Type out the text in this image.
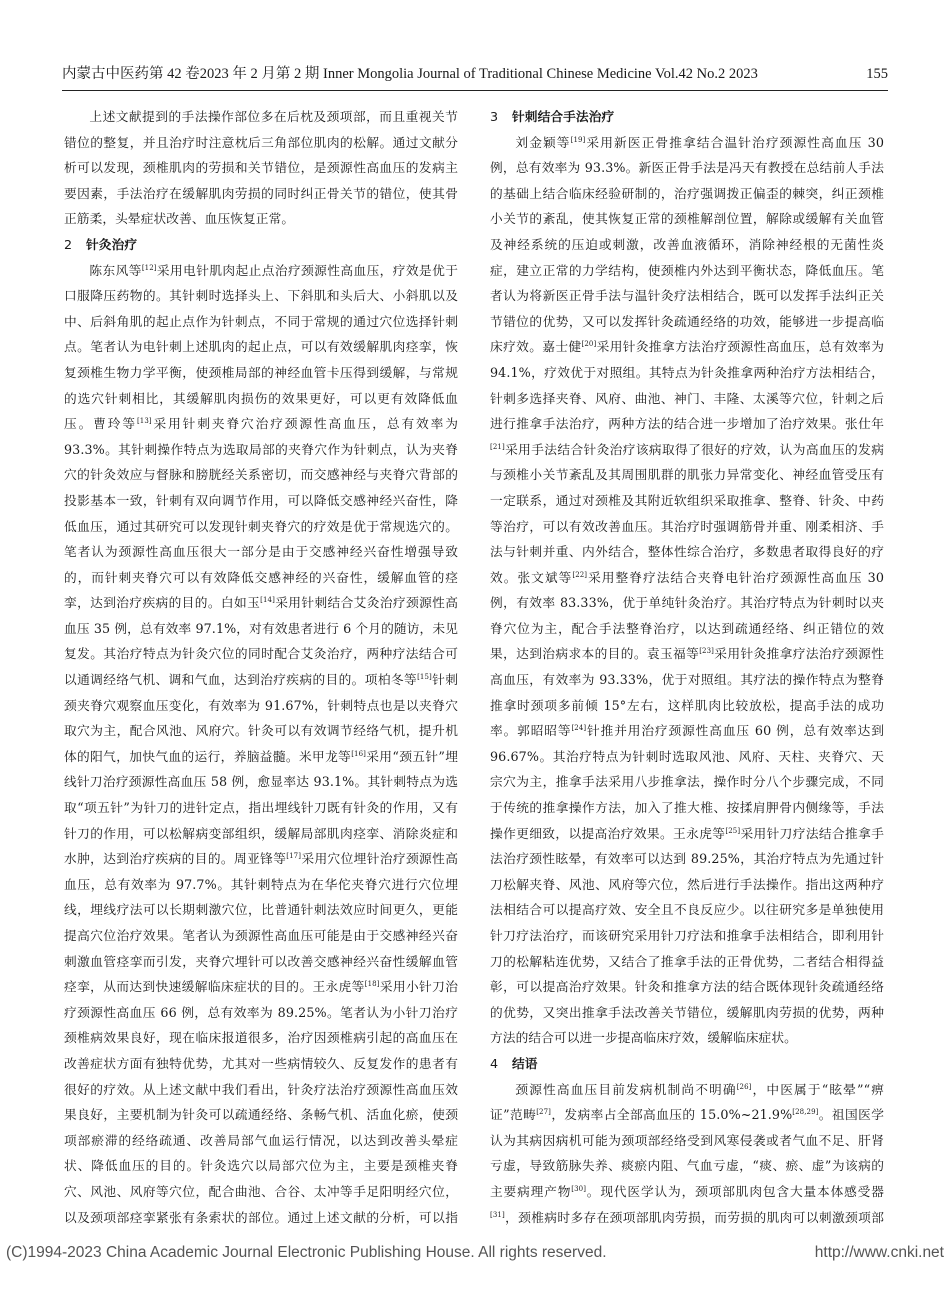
内蒙古中医药第 42 卷2023 年 2 月第 2 期 Inner Mongolia Journal of Traditional Chinese Medicine Vol.42 No.2 2023	155

上述文献提到的手法操作部位多在后枕及颈项部，而且重视关节错位的整复，并且治疗时注意枕后三角部位肌肉的松解。通过文献分析可以发现，颈椎肌肉的劳损和关节错位，是颈源性高血压的发病主要因素，手法治疗在缓解肌肉劳损的同时纠正骨关节的错位，使其骨正筋柔，头晕症状改善、血压恢复正常。

2 针灸治疗

陈东风等[12]采用电针肌肉起止点治疗颈源性高血压，疗效是优于口服降压药物的。其针刺时选择头上、下斜肌和头后大、小斜肌以及中、后斜角肌的起止点作为针刺点，不同于常规的通过穴位选择针刺点。笔者认为电针刺上述肌肉的起止点，可以有效缓解肌肉痉挛，恢复颈椎生物力学平衡，使颈椎局部的神经血管卡压得到缓解，与常规的选穴针刺相比，其缓解肌肉损伤的效果更好，可以更有效降低血压。曹玲等[13]采用针刺夹脊穴治疗颈源性高血压，总有效率为 93.3%。其针刺操作特点为选取局部的夹脊穴作为针刺点，认为夹脊穴的针灸效应与督脉和膀胱经关系密切，而交感神经与夹脊穴背部的投影基本一致，针刺有双向调节作用，可以降低交感神经兴奋性，降低血压，通过其研究可以发现针刺夹脊穴的疗效是优于常规选穴的。笔者认为颈源性高血压很大一部分是由于交感神经兴奋性增强导致的，而针刺夹脊穴可以有效降低交感神经的兴奋性，缓解血管的痉挛，达到治疗疾病的目的。白如玉[14]采用针刺结合艾灸治疗颈源性高血压 35 例，总有效率 97.1%，对有效患者进行 6 个月的随访，未见复发。其治疗特点为针灸穴位的同时配合艾灸治疗，两种疗法结合可以通调经络气机、调和气血，达到治疗疾病的目的。项柏冬等[15]针刺颈夹脊穴观察血压变化，有效率为 91.67%，针刺特点也是以夹脊穴取穴为主，配合风池、风府穴。针灸可以有效调节经络气机，提升机体的阳气，加快气血的运行，养脑益髓。米甲龙等[16]采用“颈五针”埋线针刀治疗颈源性高血压 58 例，愈显率达 93.1%。其针刺特点为选取“项五针”为针刀的进针定点，指出埋线针刀既有针灸的作用，又有针刀的作用，可以松解病变部组织，缓解局部肌肉痉挛、消除炎症和水肿，达到治疗疾病的目的。周亚锋等[17]采用穴位埋针治疗颈源性高血压，总有效率为 97.7%。其针刺特点为在华佗夹脊穴进行穴位埋线，埋线疗法可以长期刺激穴位，比普通针刺法效应时间更久，更能提高穴位治疗效果。笔者认为颈源性高血压可能是由于交感神经兴奋刺激血管痉挛而引发，夹脊穴埋针可以改善交感神经兴奋性缓解血管痉挛，从而达到快速缓解临床症状的目的。王永虎等[18]采用小针刀治疗颈源性高血压 66 例，总有效率为 89.25%。笔者认为小针刀治疗颈椎病效果良好，现在临床报道很多，治疗因颈椎病引起的高血压在改善症状方面有独特优势，尤其对一些病情较久、反复发作的患者有很好的疗效。从上述文献中我们看出，针灸疗法治疗颈源性高血压效果良好，主要机制为针灸可以疏通经络、条畅气机、活血化瘀，使颈项部瘀滞的经络疏通、改善局部气血运行情况，以达到改善头晕症状、降低血压的目的。针灸选穴以局部穴位为主，主要是颈椎夹脊穴、风池、风府等穴位，配合曲池、合谷、太冲等手足阳明经穴位，以及颈项部痉挛紧张有条索状的部位。通过上述文献的分析，可以指

3 针刺结合手法治疗

刘金颖等[19]采用新医正骨推拿结合温针治疗颈源性高血压 30 例，总有效率为 93.3%。新医正骨手法是冯天有教授在总结前人手法的基础上结合临床经验研制的，治疗强调拨正偏歪的棘突，纠正颈椎小关节的紊乱，使其恢复正常的颈椎解剖位置，解除或缓解有关血管及神经系统的压迫或刺激，改善血液循环，消除神经根的无菌性炎症，建立正常的力学结构，使颈椎内外达到平衡状态，降低血压。笔者认为将新医正骨手法与温针灸疗法相结合，既可以发挥手法纠正关节错位的优势，又可以发挥针灸疏通经络的功效，能够进一步提高临床疗效。嘉士健[20]采用针灸推拿方法治疗颈源性高血压，总有效率为 94.1%，疗效优于对照组。其特点为针灸推拿两种治疗方法相结合，针刺多选择夹脊、风府、曲池、神门、丰隆、太溪等穴位，针刺之后进行推拿手法治疗，两种方法的结合进一步增加了治疗效果。张仕年[21]采用手法结合针灸治疗该病取得了很好的疗效，认为高血压的发病与颈椎小关节紊乱及其周围肌群的肌张力异常变化、神经血管受压有一定联系，通过对颈椎及其附近软组织采取推拿、整脊、针灸、中药等治疗，可以有效改善血压。其治疗时强调筋骨并重、刚柔相济、手法与针刺并重、内外结合，整体性综合治疗，多数患者取得良好的疗效。张文斌等[22]采用整脊疗法结合夹脊电针治疗颈源性高血压 30 例，有效率 83.33%，优于单纯针灸治疗。其治疗特点为针刺时以夹脊穴位为主，配合手法整脊治疗，以达到疏通经络、纠正错位的效果，达到治病求本的目的。袁玉福等[23]采用针灸推拿疗法治疗颈源性高血压，有效率为 93.33%，优于对照组。其疗法的操作特点为整脊推拿时颈项多前倾 15°左右，这样肌肉比较放松，提高手法的成功率。郭昭昭等[24]针推并用治疗颈源性高血压 60 例，总有效率达到 96.67%。其治疗特点为针刺时选取风池、风府、天柱、夹脊穴、天宗穴为主，推拿手法采用八步推拿法，操作时分八个步骤完成，不同于传统的推拿操作方法，加入了推大椎、按揉肩胛骨内侧缘等，手法操作更细致，以提高治疗效果。王永虎等[25]采用针刀疗法结合推拿手法治疗颈性眩晕，有效率可以达到 89.25%，其治疗特点为先通过针刀松解夹脊、风池、风府等穴位，然后进行手法操作。指出这两种疗法相结合可以提高疗效、安全且不良反应少。以往研究多是单独使用针刀疗法治疗，而该研究采用针刀疗法和推拿手法相结合，即利用针刀的松解粘连优势，又结合了推拿手法的正骨优势，二者结合相得益彰，可以提高治疗效果。针灸和推拿方法的结合既体现针灸疏通经络的优势，又突出推拿手法改善关节错位，缓解肌肉劳损的优势，两种方法的结合可以进一步提高临床疗效，缓解临床症状。

4 结语

颈源性高血压目前发病机制尚不明确[26]，中医属于“眩晕”“痹证”范畴[27]，发病率占全部高血压的 15.0%~21.9%[28,29]。祖国医学认为其病因病机可能为颈项部经络受到风寒侵袭或者气血不足、肝肾亏虚，导致筋脉失养、痰瘀内阻、气血亏虚，“痰、瘀、虚”为该病的主要病理产物[30]。现代医学认为，颈项部肌肉包含大量本体感受器[31]，颈椎病时多存在颈项部肌肉劳损，而劳损的肌肉可以刺激颈项部

(C)1994-2023 China Academic Journal Electronic Publishing House. All rights reserved.	http://www.cnki.net
